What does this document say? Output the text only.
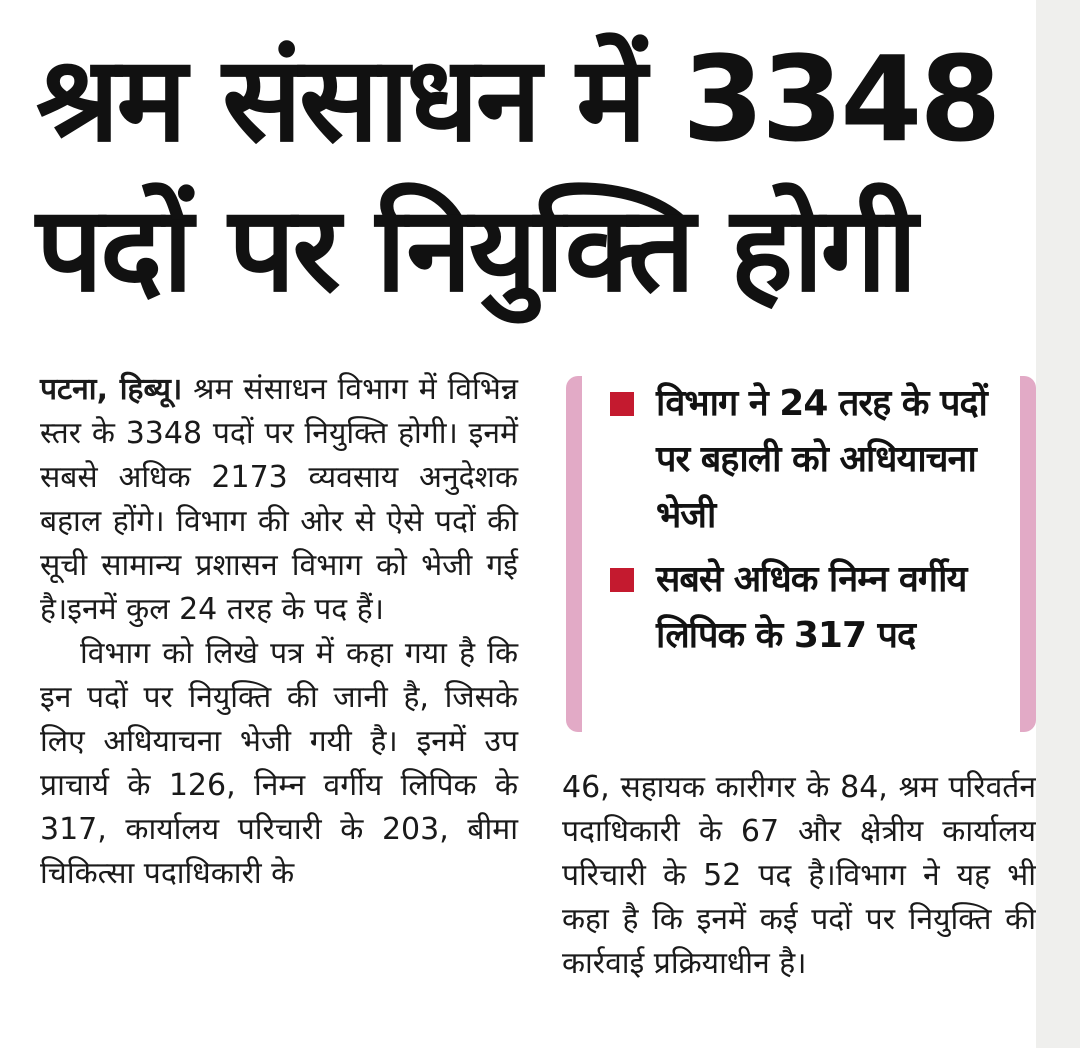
श्रम संसाधन में 3348
पदों पर नियुक्ति होगी

पटना, हिब्यू। श्रम संसाधन विभाग में विभिन्न स्तर के 3348 पदों पर नियुक्ति होगी। इनमें सबसे अधिक 2173 व्यवसाय अनुदेशक बहाल होंगे। विभाग की ओर से ऐसे पदों की सूची सामान्य प्रशासन विभाग को भेजी गई है।इनमें कुल 24 तरह के पद हैं।

विभाग को लिखे पत्र में कहा गया है कि इन पदों पर नियुक्ति की जानी है, जिसके लिए अधियाचना भेजी गयी है। इनमें उप प्राचार्य के 126, निम्न वर्गीय लिपिक के 317, कार्यालय परिचारी के 203, बीमा चिकित्सा पदाधिकारी के

विभाग ने 24 तरह के पदों पर बहाली को अधियाचना भेजी
सबसे अधिक निम्न वर्गीय लिपिक के 317 पद

46, सहायक कारीगर के 84, श्रम परिवर्तन पदाधिकारी के 67 और क्षेत्रीय कार्यालय परिचारी के 52 पद है।विभाग ने यह भी कहा है कि इनमें कई पदों पर नियुक्ति की कार्रवाई प्रक्रियाधीन है।
